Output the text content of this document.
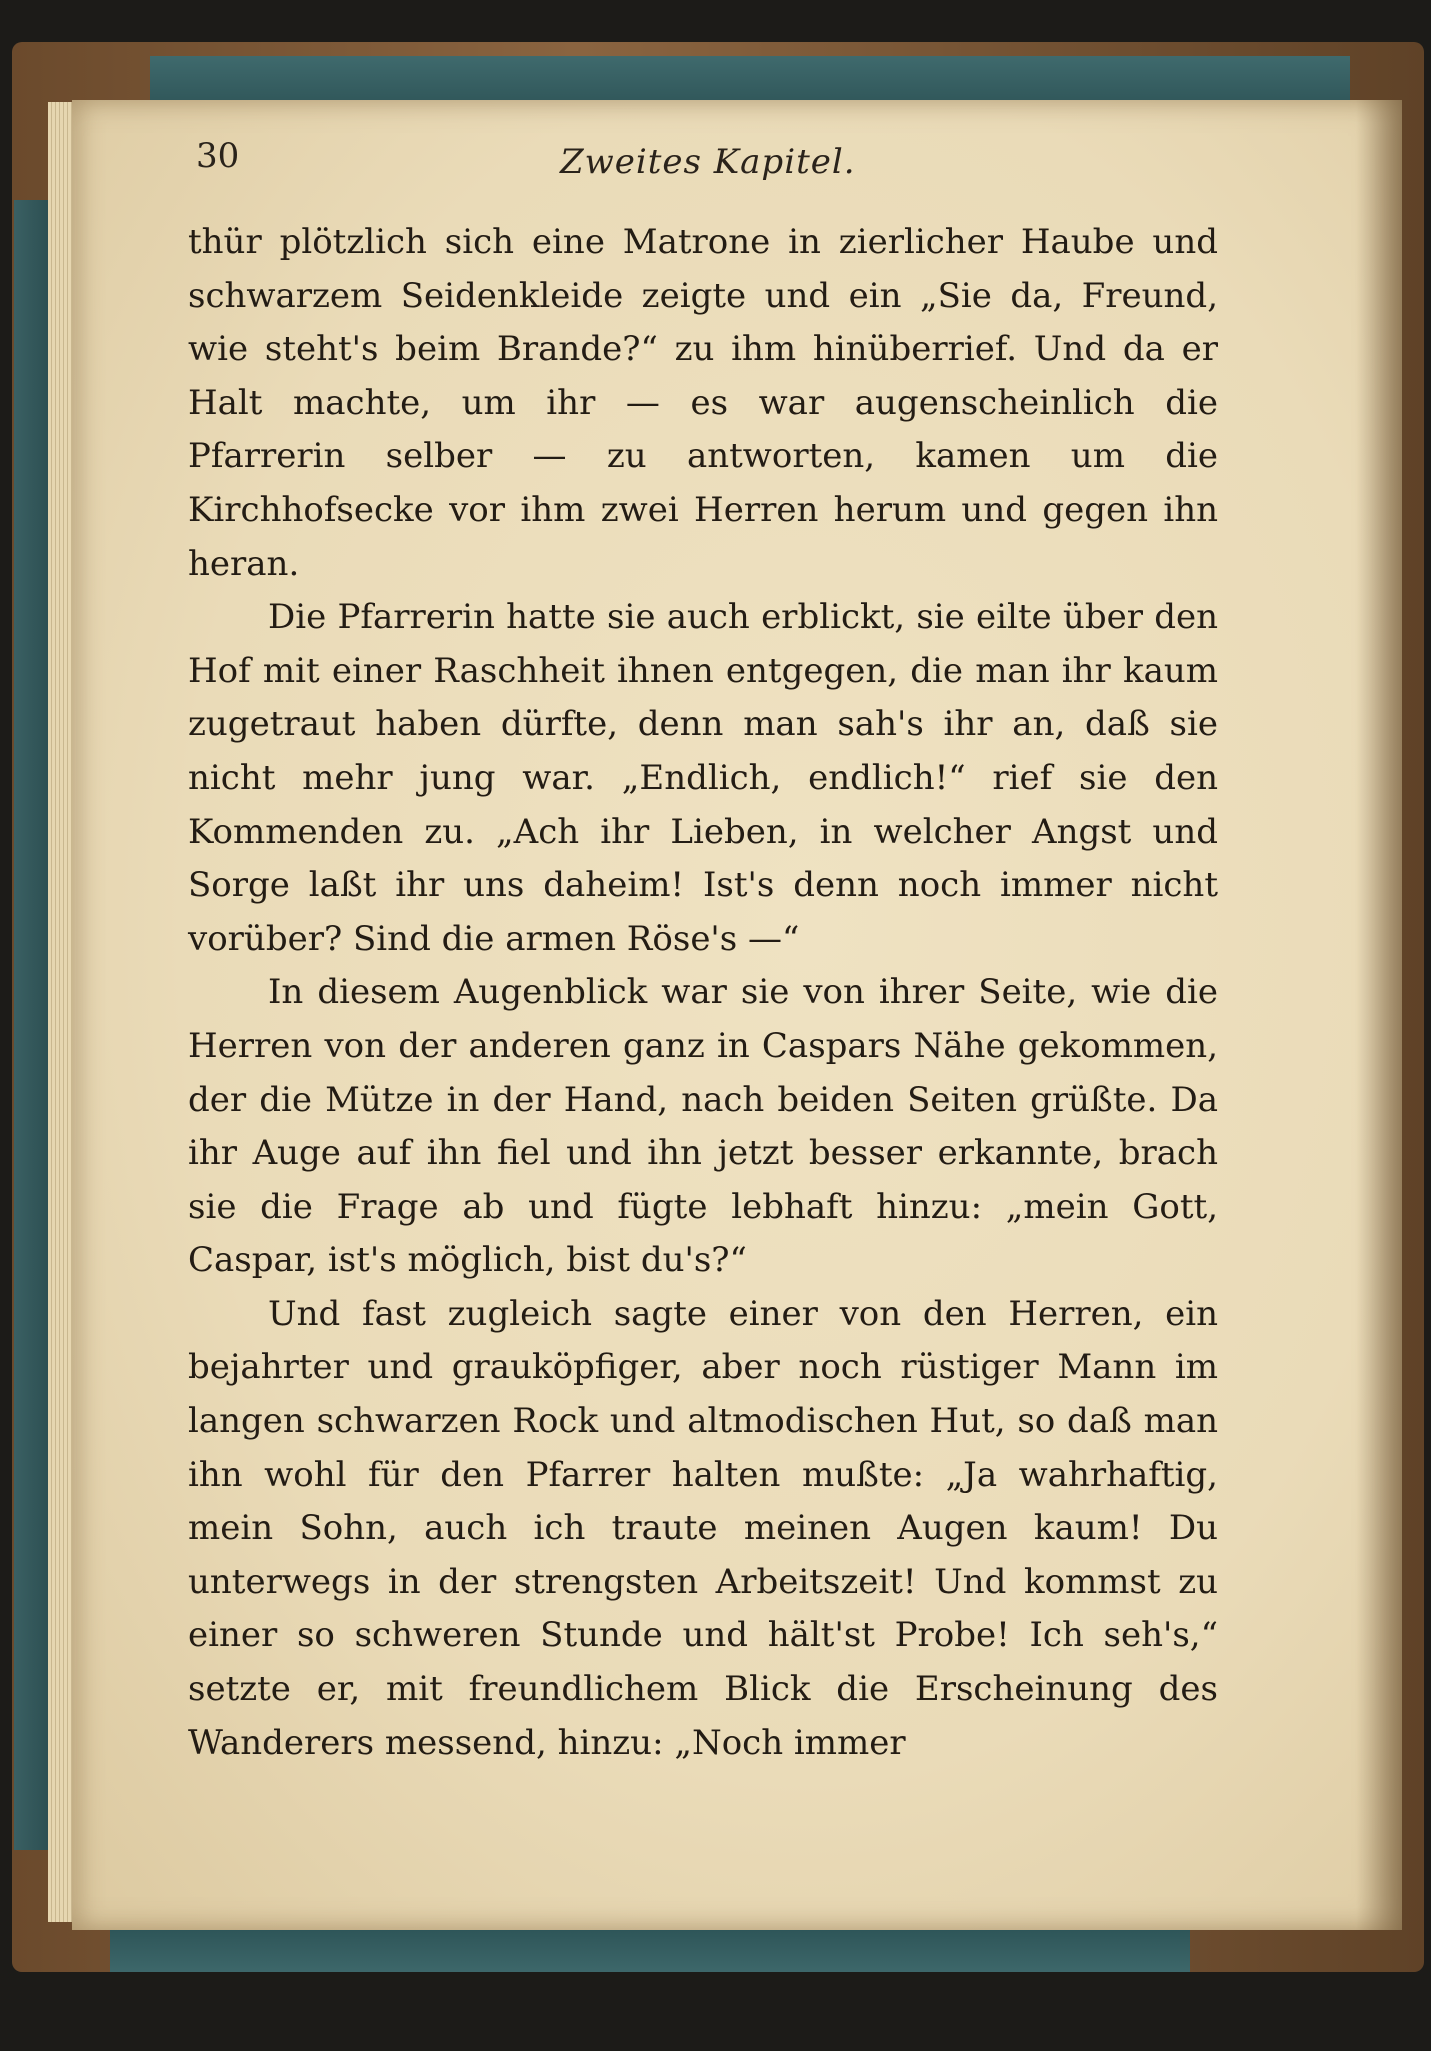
30	Zweites Kapitel.

thür plötzlich sich eine Matrone in zierlicher Haube und schwarzem Seidenkleide zeigte und ein „Sie da, Freund, wie steht's beim Brande?“ zu ihm hinüberrief. Und da er Halt machte, um ihr — es war augenscheinlich die Pfarrerin selber — zu antworten, kamen um die Kirchhofsecke vor ihm zwei Herren herum und gegen ihn heran.

Die Pfarrerin hatte sie auch erblickt, sie eilte über den Hof mit einer Raschheit ihnen entgegen, die man ihr kaum zugetraut haben dürfte, denn man sah's ihr an, daß sie nicht mehr jung war. „Endlich, endlich!“ rief sie den Kommenden zu. „Ach ihr Lieben, in welcher Angst und Sorge laßt ihr uns daheim! Ist's denn noch immer nicht vorüber? Sind die armen Röse's —“

In diesem Augenblick war sie von ihrer Seite, wie die Herren von der anderen ganz in Caspars Nähe gekommen, der die Mütze in der Hand, nach beiden Seiten grüßte. Da ihr Auge auf ihn fiel und ihn jetzt besser erkannte, brach sie die Frage ab und fügte lebhaft hinzu: „mein Gott, Caspar, ist's möglich, bist du's?“

Und fast zugleich sagte einer von den Herren, ein bejahrter und grauköpfiger, aber noch rüstiger Mann im langen schwarzen Rock und altmodischen Hut, so daß man ihn wohl für den Pfarrer halten mußte: „Ja wahrhaftig, mein Sohn, auch ich traute meinen Augen kaum! Du unterwegs in der strengsten Arbeitszeit! Und kommst zu einer so schweren Stunde und hält'st Probe! Ich seh's,“ setzte er, mit freundlichem Blick die Erscheinung des Wanderers messend, hinzu: „Noch immer
